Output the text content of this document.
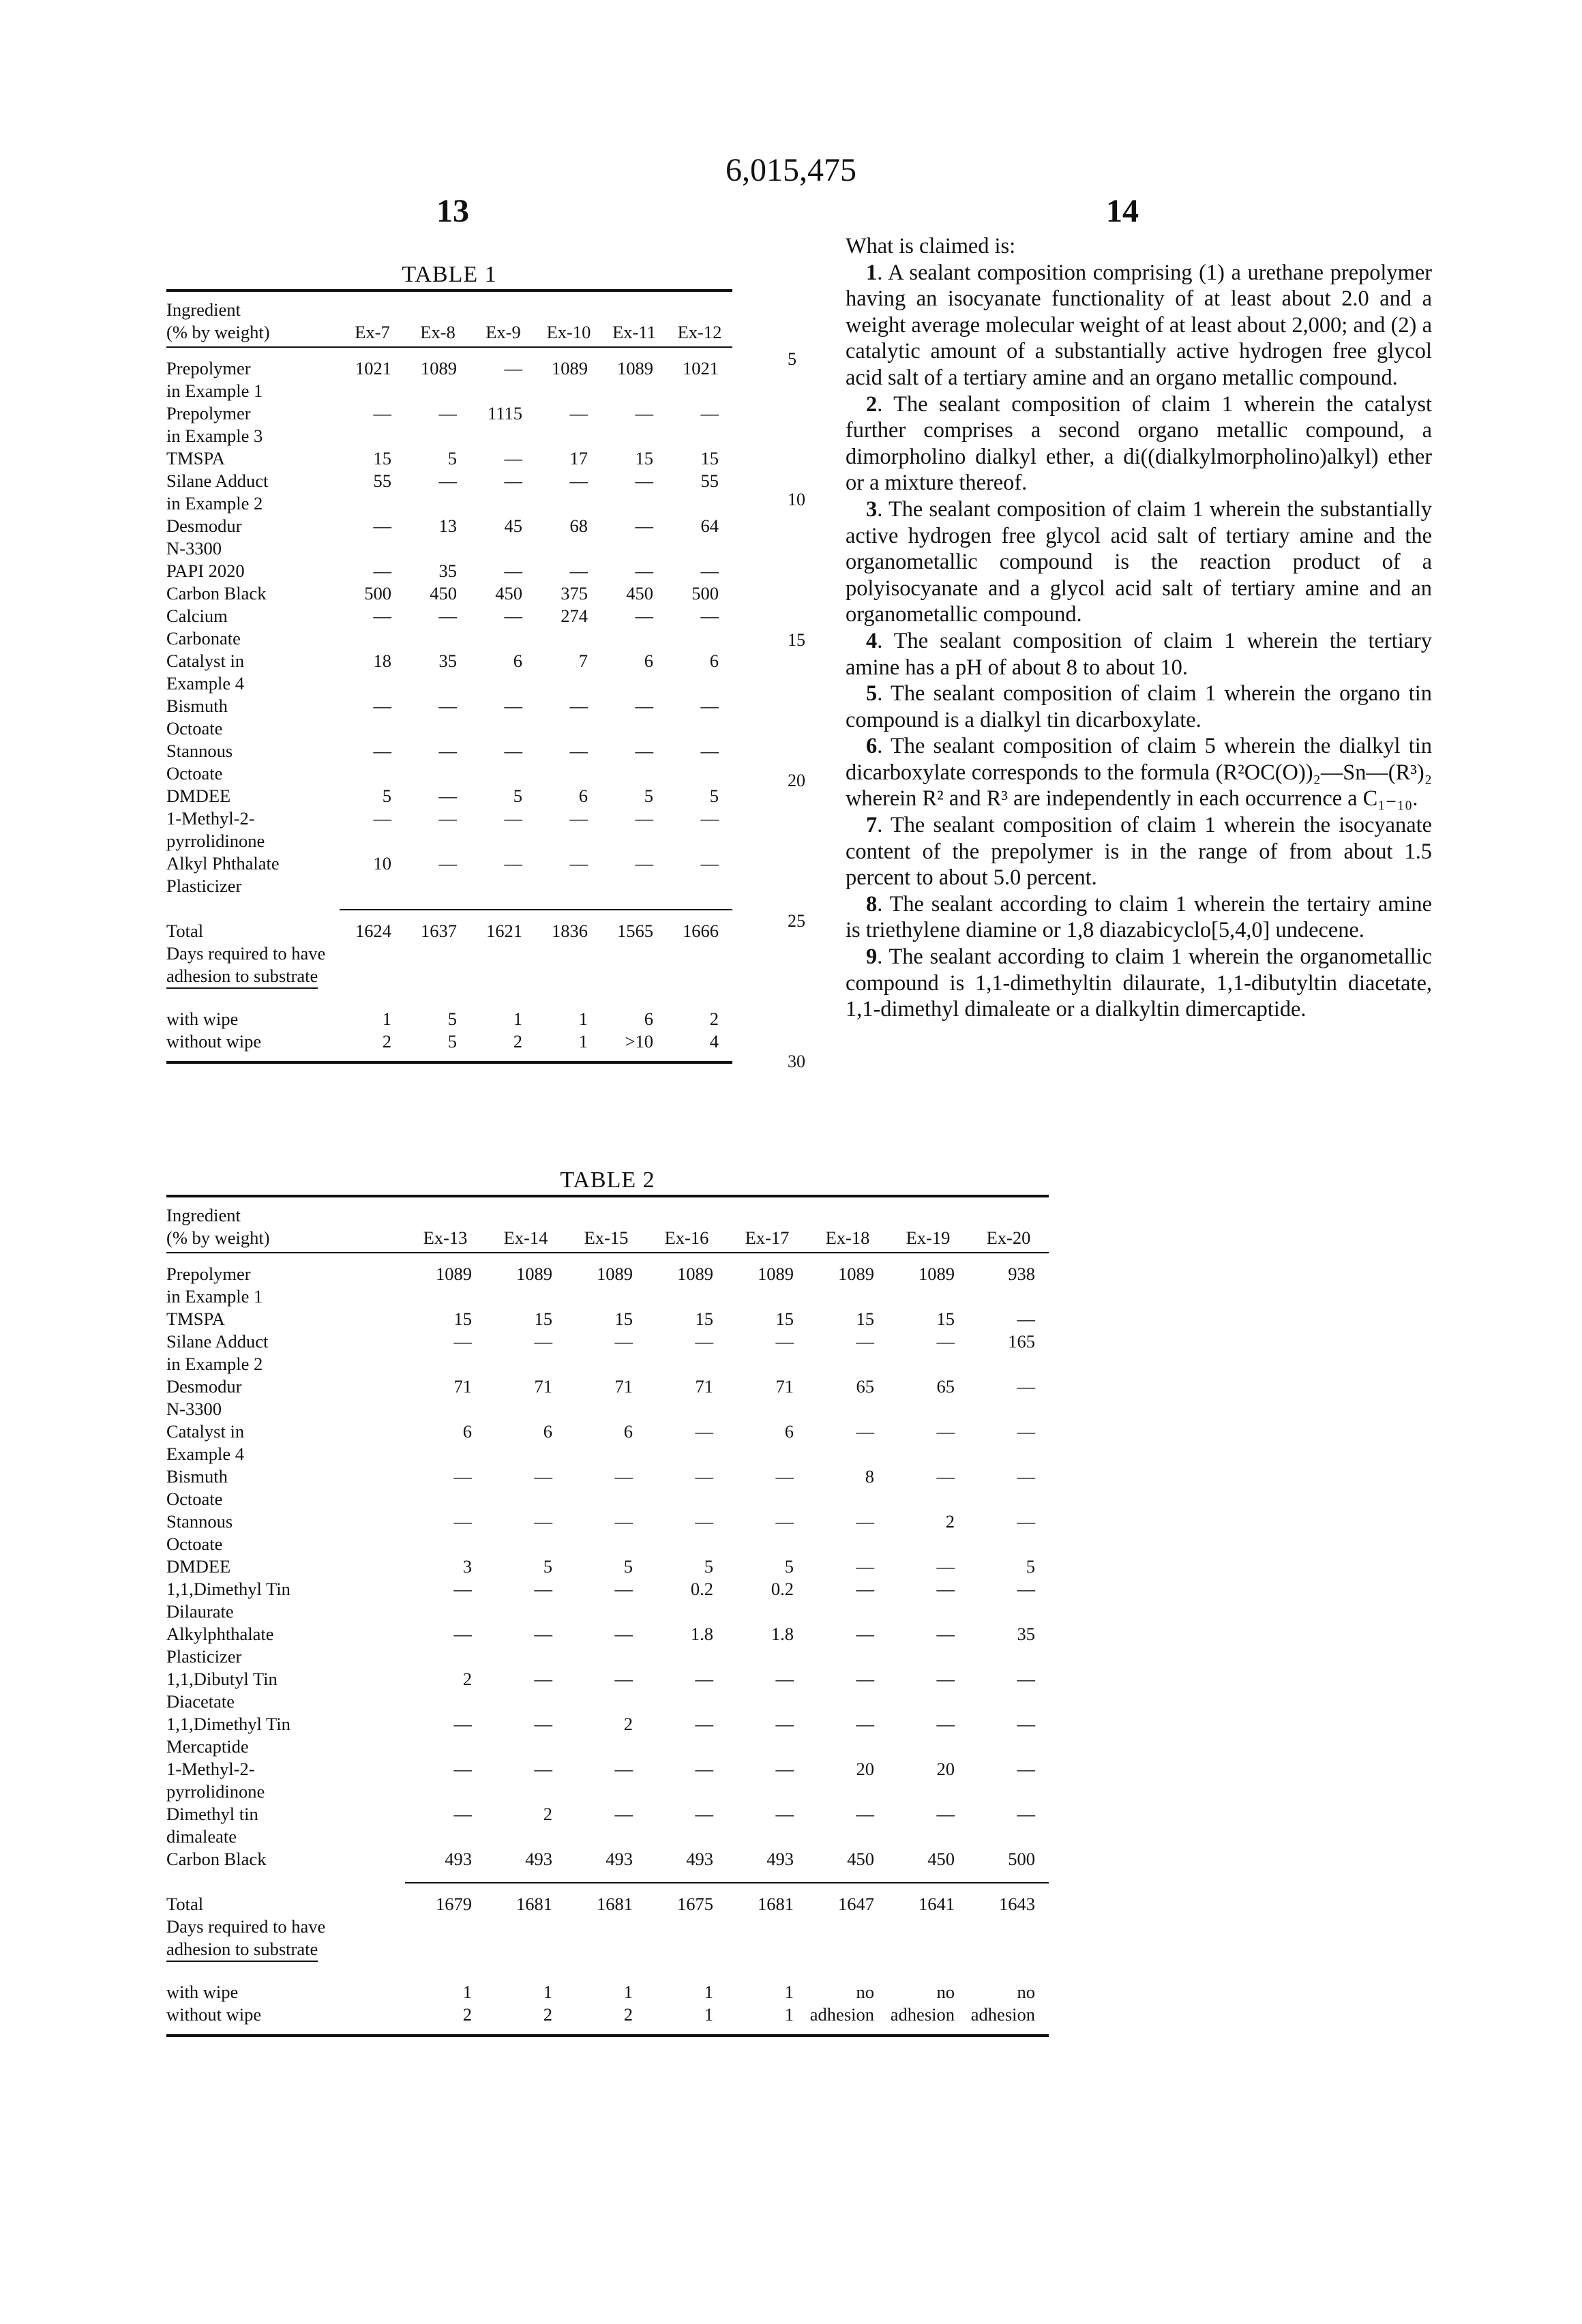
6,015,475
13	14
TABLE 1
Ingredient
(% by weight)	Ex-7	Ex-8	Ex-9	Ex-10	Ex-11	Ex-12

Prepolymer
in Example 1
	1021	1089	—	1089	1089	1021

Prepolymer
in Example 3
	—	—	1115	—	—	—

TMSPA	15	5	—	17	15	15

Silane Adduct
in Example 2
	55	—	—	—	—	55

Desmodur
N-3300
	—	13	45	68	—	64

PAPI 2020	—	35	—	—	—	—

Carbon Black	500	450	450	375	450	500

Calcium
Carbonate
	—	—	—	274	—	—

Catalyst in
Example 4
	18	35	6	7	6	6

Bismuth
Octoate
	—	—	—	—	—	—

Stannous
Octoate
	—	—	—	—	—	—

DMDEE	5	—	5	6	5	5

1-Methyl-2-
pyrrolidinone
	—	—	—	—	—	—

Alkyl Phthalate
Plasticizer
	10	—	—	—	—	—

Total	1624	1637	1621	1836	1565	1666

Days required to have
adhesion to substrate						

with wipe	1	5	1	1	6	2
without wipe	2	5	2	1	>10	4
TABLE 2
Ingredient
(% by weight)	Ex-13	Ex-14	Ex-15	Ex-16	Ex-17	Ex-18	Ex-19	Ex-20

Prepolymer
in Example 1
	1089	1089	1089	1089	1089	1089	1089	938

TMSPA	15	15	15	15	15	15	15	—

Silane Adduct
in Example 2
	—	—	—	—	—	—	—	165

Desmodur
N-3300
	71	71	71	71	71	65	65	—

Catalyst in
Example 4
	6	6	6	—	6	—	—	—

Bismuth
Octoate
	—	—	—	—	—	8	—	—

Stannous
Octoate
	—	—	—	—	—	—	2	—

DMDEE	3	5	5	5	5	—	—	5

1,1,Dimethyl Tin
Dilaurate
	—	—	—	0.2	0.2	—	—	—

Alkylphthalate
Plasticizer
	—	—	—	1.8	1.8	—	—	35

1,1,Dibutyl Tin
Diacetate
	2	—	—	—	—	—	—	—

1,1,Dimethyl Tin
Mercaptide
	—	—	2	—	—	—	—	—

1-Methyl-2-
pyrrolidinone
	—	—	—	—	—	20	20	—

Dimethyl tin
dimaleate
	—	2	—	—	—	—	—	—

Carbon Black	493	493	493	493	493	450	450	500

Total	1679	1681	1681	1675	1681	1647	1641	1643

Days required to have
adhesion to substrate								

with wipe	1	1	1	1	1	no	no	no
without wipe	2	2	2	1	1	adhesion	adhesion	adhesion

What is claimed is:

1. A sealant composition comprising (1) a urethane prepolymer having an isocyanate functionality of at least about 2.0 and a weight average molecular weight of at least about 2,000; and (2) a catalytic amount of a substantially active hydrogen free glycol acid salt of a tertiary amine and an organo metallic compound.

2. The sealant composition of claim 1 wherein the catalyst further comprises a second organo metallic compound, a dimorpholino dialkyl ether, a di((dialkylmorpholino)alkyl) ether or a mixture thereof.

3. The sealant composition of claim 1 wherein the substantially active hydrogen free glycol acid salt of tertiary amine and the organometallic compound is the reaction product of a polyisocyanate and a glycol acid salt of tertiary amine and an organometallic compound.

4. The sealant composition of claim 1 wherein the tertiary amine has a pH of about 8 to about 10.

5. The sealant composition of claim 1 wherein the organo tin compound is a dialkyl tin dicarboxylate.

6. The sealant composition of claim 5 wherein the dialkyl tin dicarboxylate corresponds to the formula (R²OC(O))₂—Sn—(R³)₂ wherein R² and R³ are independently in each occurrence a C₁₋₁₀.

7. The sealant composition of claim 1 wherein the isocyanate content of the prepolymer is in the range of from about 1.5 percent to about 5.0 percent.

8. The sealant according to claim 1 wherein the tertairy amine is triethylene diamine or 1,8 diazabicyclo[5,4,0] undecene.

9. The sealant according to claim 1 wherein the organometallic compound is 1,1-dimethyltin dilaurate, 1,1-dibutyltin diacetate, 1,1-dimethyl dimaleate or a dialkyltin dimercaptide.

5
10
15
20
25
30
